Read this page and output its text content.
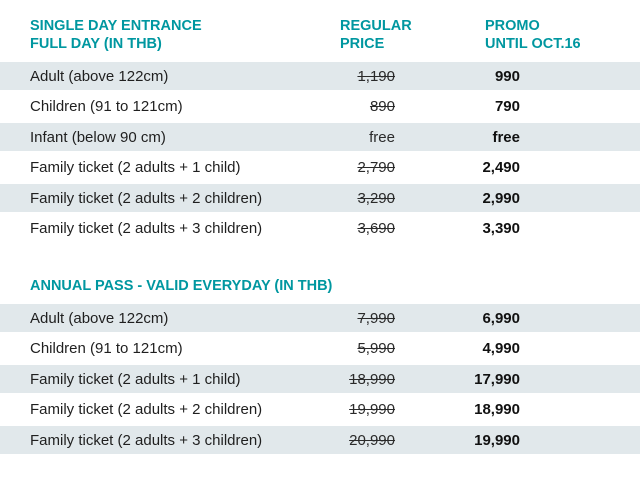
SINGLE DAY ENTRANCE
FULL DAY (IN THB)
REGULAR
PRICE
PROMO
UNTIL OCT.16
Adult (above 122cm)	1,190	990
Children (91 to 121cm)	890	790
Infant (below 90 cm)	free	free
Family ticket (2 adults + 1 child)	2,790	2,490
Family ticket (2 adults + 2 children)	3,290	2,990
Family ticket (2 adults + 3 children)	3,690	3,390
ANNUAL PASS - VALID EVERYDAY (IN THB)
Adult (above 122cm)	7,990	6,990
Children (91 to 121cm)	5,990	4,990
Family ticket (2 adults + 1 child)	18,990	17,990
Family ticket (2 adults + 2 children)	19,990	18,990
Family ticket (2 adults + 3 children)	20,990	19,990
